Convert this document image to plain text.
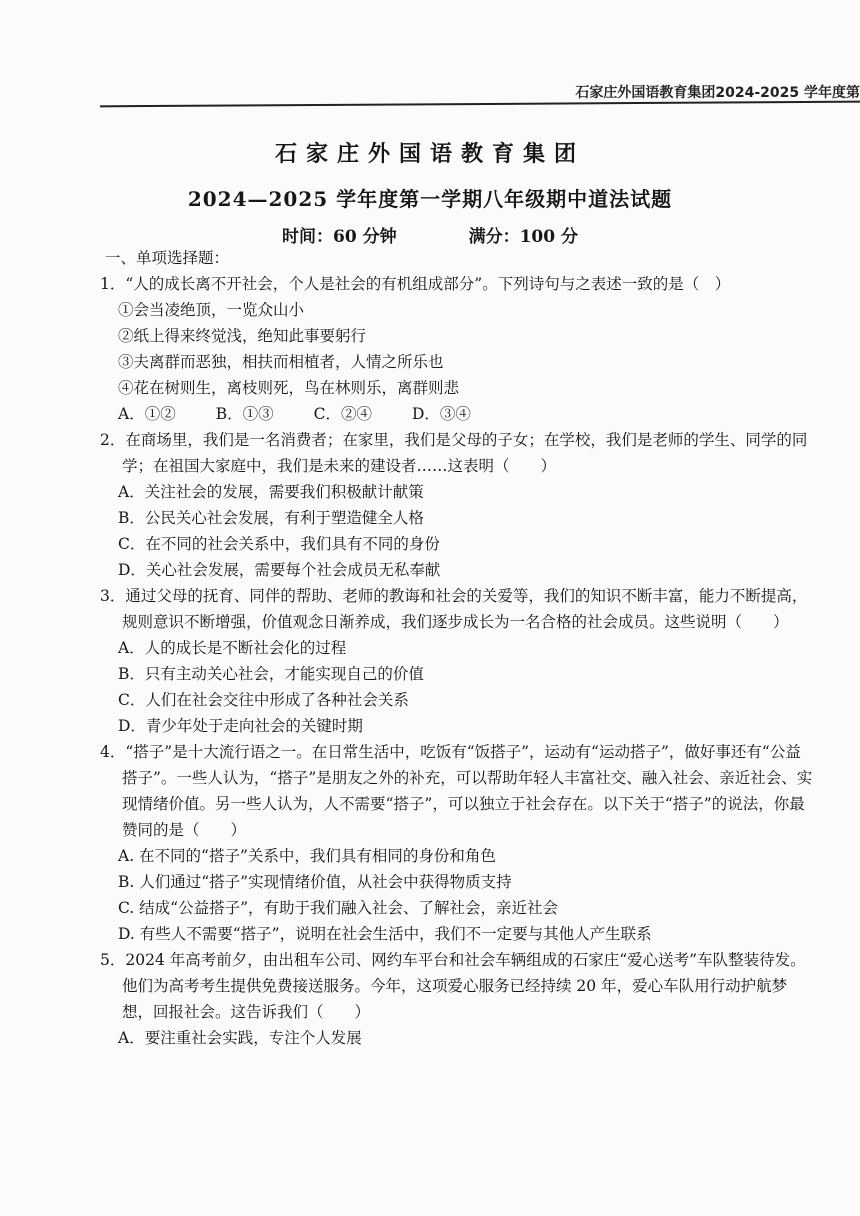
石家庄外国语教育集团2024-2025 学年度第
石家庄外国语教育集团
2024—2025 学年度第一学期八年级期中道法试题
时间：60 分钟	满分：100 分
一、单项选择题：
1．“人的成长离不开社会，个人是社会的有机组成部分”。下列诗句与之表述一致的是（　）
①会当凌绝顶，一览众山小
②纸上得来终觉浅，绝知此事要躬行
③夫离群而恶独，相扶而相植者，人情之所乐也
④花在树则生，离枝则死，鸟在林则乐，离群则悲
A．①②	B．①③	C．②④	D．③④
2．在商场里，我们是一名消费者；在家里，我们是父母的子女；在学校，我们是老师的学生、同学的同学；在祖国大家庭中，我们是未来的建设者……这表明（　　）
A．关注社会的发展，需要我们积极献计献策
B．公民关心社会发展，有利于塑造健全人格
C．在不同的社会关系中，我们具有不同的身份
D．关心社会发展，需要每个社会成员无私奉献
3．通过父母的抚育、同伴的帮助、老师的教诲和社会的关爱等，我们的知识不断丰富，能力不断提高，规则意识不断增强，价值观念日渐养成，我们逐步成长为一名合格的社会成员。这些说明（　　）
A．人的成长是不断社会化的过程
B．只有主动关心社会，才能实现自己的价值
C．人们在社会交往中形成了各种社会关系
D．青少年处于走向社会的关键时期
4．“搭子”是十大流行语之一。在日常生活中，吃饭有“饭搭子”，运动有“运动搭子”，做好事还有“公益搭子”。一些人认为，“搭子”是朋友之外的补充，可以帮助年轻人丰富社交、融入社会、亲近社会、实现情绪价值。另一些人认为，人不需要“搭子”，可以独立于社会存在。以下关于“搭子”的说法，你最赞同的是（　　）
A. 在不同的“搭子”关系中，我们具有相同的身份和角色
B. 人们通过“搭子”实现情绪价值，从社会中获得物质支持
C. 结成“公益搭子”，有助于我们融入社会、了解社会，亲近社会
D. 有些人不需要“搭子”，说明在社会生活中，我们不一定要与其他人产生联系
5．2024 年高考前夕，由出租车公司、网约车平台和社会车辆组成的石家庄“爱心送考”车队整装待发。他们为高考考生提供免费接送服务。今年，这项爱心服务已经持续 20 年，爱心车队用行动护航梦想，回报社会。这告诉我们（　　）
A．要注重社会实践，专注个人发展
